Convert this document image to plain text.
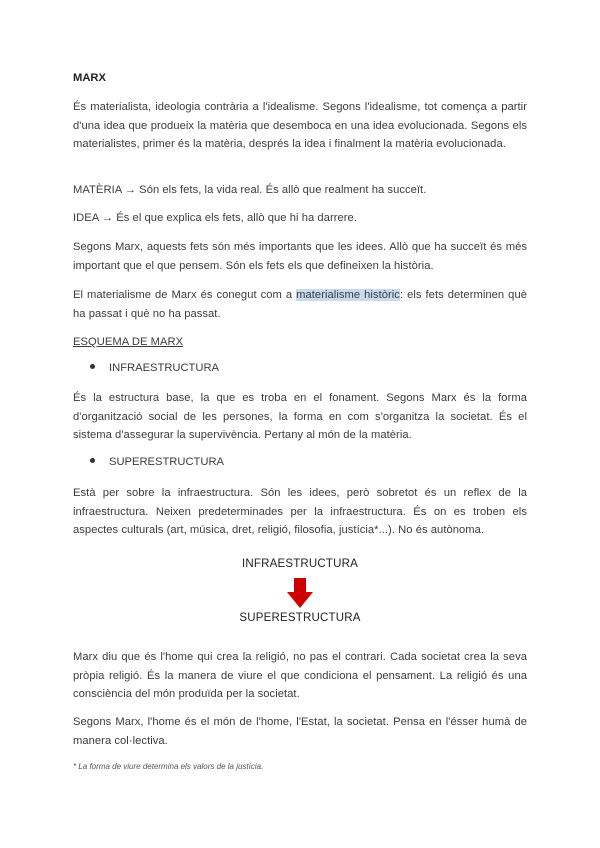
MARX
És materialista, ideologia contrària a l'idealisme. Segons l'idealisme, tot comença a partir d'una idea que produeix la matèria que desemboca en una idea evolucionada. Segons els materialistes, primer és la matèria, després la idea i finalment la matèria evolucionada.
MATÈRIA → Són els fets, la vida real. És allò que realment ha succeït.
IDEA → És el que explica els fets, allò que hi ha darrere.
Segons Marx, aquests fets són més importants que les idees. Allò que ha succeït és més important que el que pensem. Són els fets els que defineixen la història.
El materialisme de Marx és conegut com a materialisme històric: els fets determinen què ha passat i què no ha passat.
ESQUEMA DE MARX
INFRAESTRUCTURA
És la estructura base, la que es troba en el fonament. Segons Marx és la forma d'organització social de les persones, la forma en com s'organitza la societat. És el sistema d'assegurar la supervivència. Pertany al món de la matèria.
SUPERESTRUCTURA
Està per sobre la infraestructura. Són les idees, però sobretot és un reflex de la infraestructura. Neixen predeterminades per la infraestructura. És on es troben els aspectes culturals (art, música, dret, religió, filosofia, justícia*...). No és autònoma.
INFRAESTRUCTURA
SUPERESTRUCTURA
Marx diu que és l'home qui crea la religió, no pas el contrari. Cada societat crea la seva pròpia religió. És la manera de viure el que condiciona el pensament. La religió és una consciència del món produïda per la societat.
Segons Marx, l'home és el món de l'home, l'Estat, la societat. Pensa en l'ésser humà de manera col·lectiva.
* La forma de viure determina els valors de la justícia.
